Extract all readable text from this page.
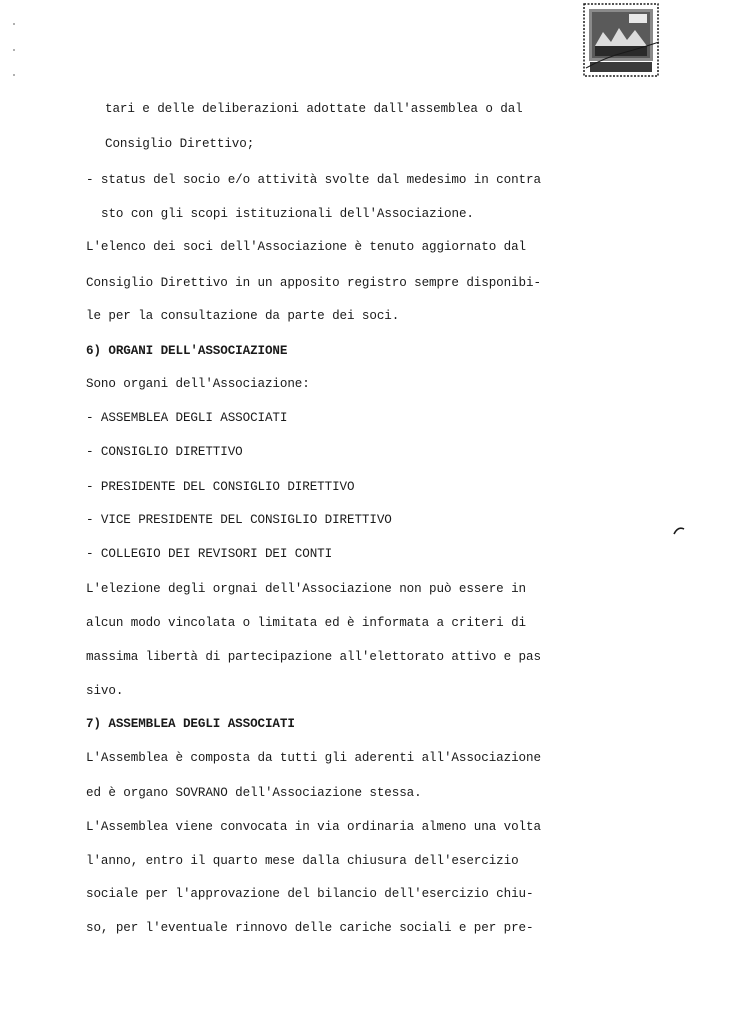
tari e delle deliberazioni adottate dall'assemblea o dal
Consiglio Direttivo;
- status del socio e/o attività svolte dal medesimo in contra
sto con gli scopi istituzionali dell'Associazione.
L'elenco dei soci dell'Associazione è tenuto aggiornato dal
Consiglio Direttivo in un apposito registro sempre disponibi-
le per la consultazione da parte dei soci.
6) ORGANI DELL'ASSOCIAZIONE
Sono organi dell'Associazione:
- ASSEMBLEA DEGLI ASSOCIATI
- CONSIGLIO DIRETTIVO
- PRESIDENTE DEL CONSIGLIO DIRETTIVO
- VICE PRESIDENTE DEL CONSIGLIO DIRETTIVO
- COLLEGIO DEI REVISORI DEI CONTI
L'elezione degli orgnai dell'Associazione non può essere in
alcun modo vincolata o limitata ed è informata a criteri di
massima libertà di partecipazione all'elettorato attivo e pas
sivo.
7) ASSEMBLEA DEGLI ASSOCIATI
L'Assemblea è composta da tutti gli aderenti all'Associazione
ed è organo SOVRANO dell'Associazione stessa.
L'Assemblea viene convocata in via ordinaria almeno una volta
l'anno, entro il quarto mese dalla chiusura dell'esercizio
sociale per l'approvazione del bilancio dell'esercizio chiu-
so, per l'eventuale rinnovo delle cariche sociali e per pre-
